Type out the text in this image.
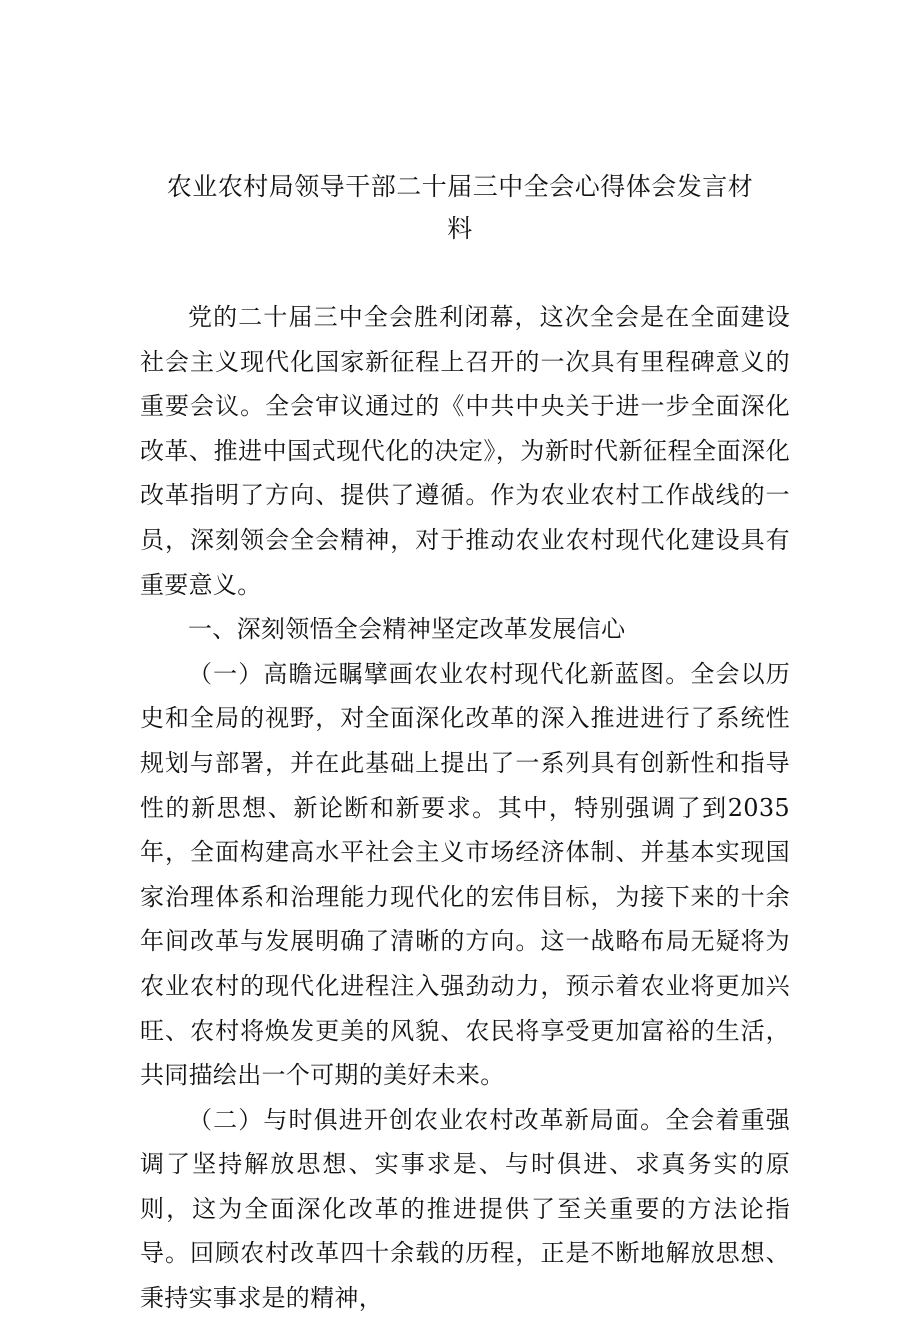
农业农村局领导干部二十届三中全会心得体会发言材
料

党的二十届三中全会胜利闭幕，这次全会是在全面建设社会主义现代化国家新征程上召开的一次具有里程碑意义的重要会议。全会审议通过的《中共中央关于进一步全面深化改革、推进中国式现代化的决定》，为新时代新征程全面深化改革指明了方向、提供了遵循。作为农业农村工作战线的一员，深刻领会全会精神，对于推动农业农村现代化建设具有重要意义。

一、深刻领悟全会精神坚定改革发展信心

（一）高瞻远瞩擘画农业农村现代化新蓝图。全会以历史和全局的视野，对全面深化改革的深入推进进行了系统性规划与部署，并在此基础上提出了一系列具有创新性和指导性的新思想、新论断和新要求。其中，特别强调了到2035年，全面构建高水平社会主义市场经济体制、并基本实现国家治理体系和治理能力现代化的宏伟目标，为接下来的十余年间改革与发展明确了清晰的方向。这一战略布局无疑将为农业农村的现代化进程注入强劲动力，预示着农业将更加兴旺、农村将焕发更美的风貌、农民将享受更加富裕的生活，共同描绘出一个可期的美好未来。

（二）与时俱进开创农业农村改革新局面。全会着重强调了坚持解放思想、实事求是、与时俱进、求真务实的原则，这为全面深化改革的推进提供了至关重要的方法论指导。回顾农村改革四十余载的历程，正是不断地解放思想、秉持实事求是的精神，
